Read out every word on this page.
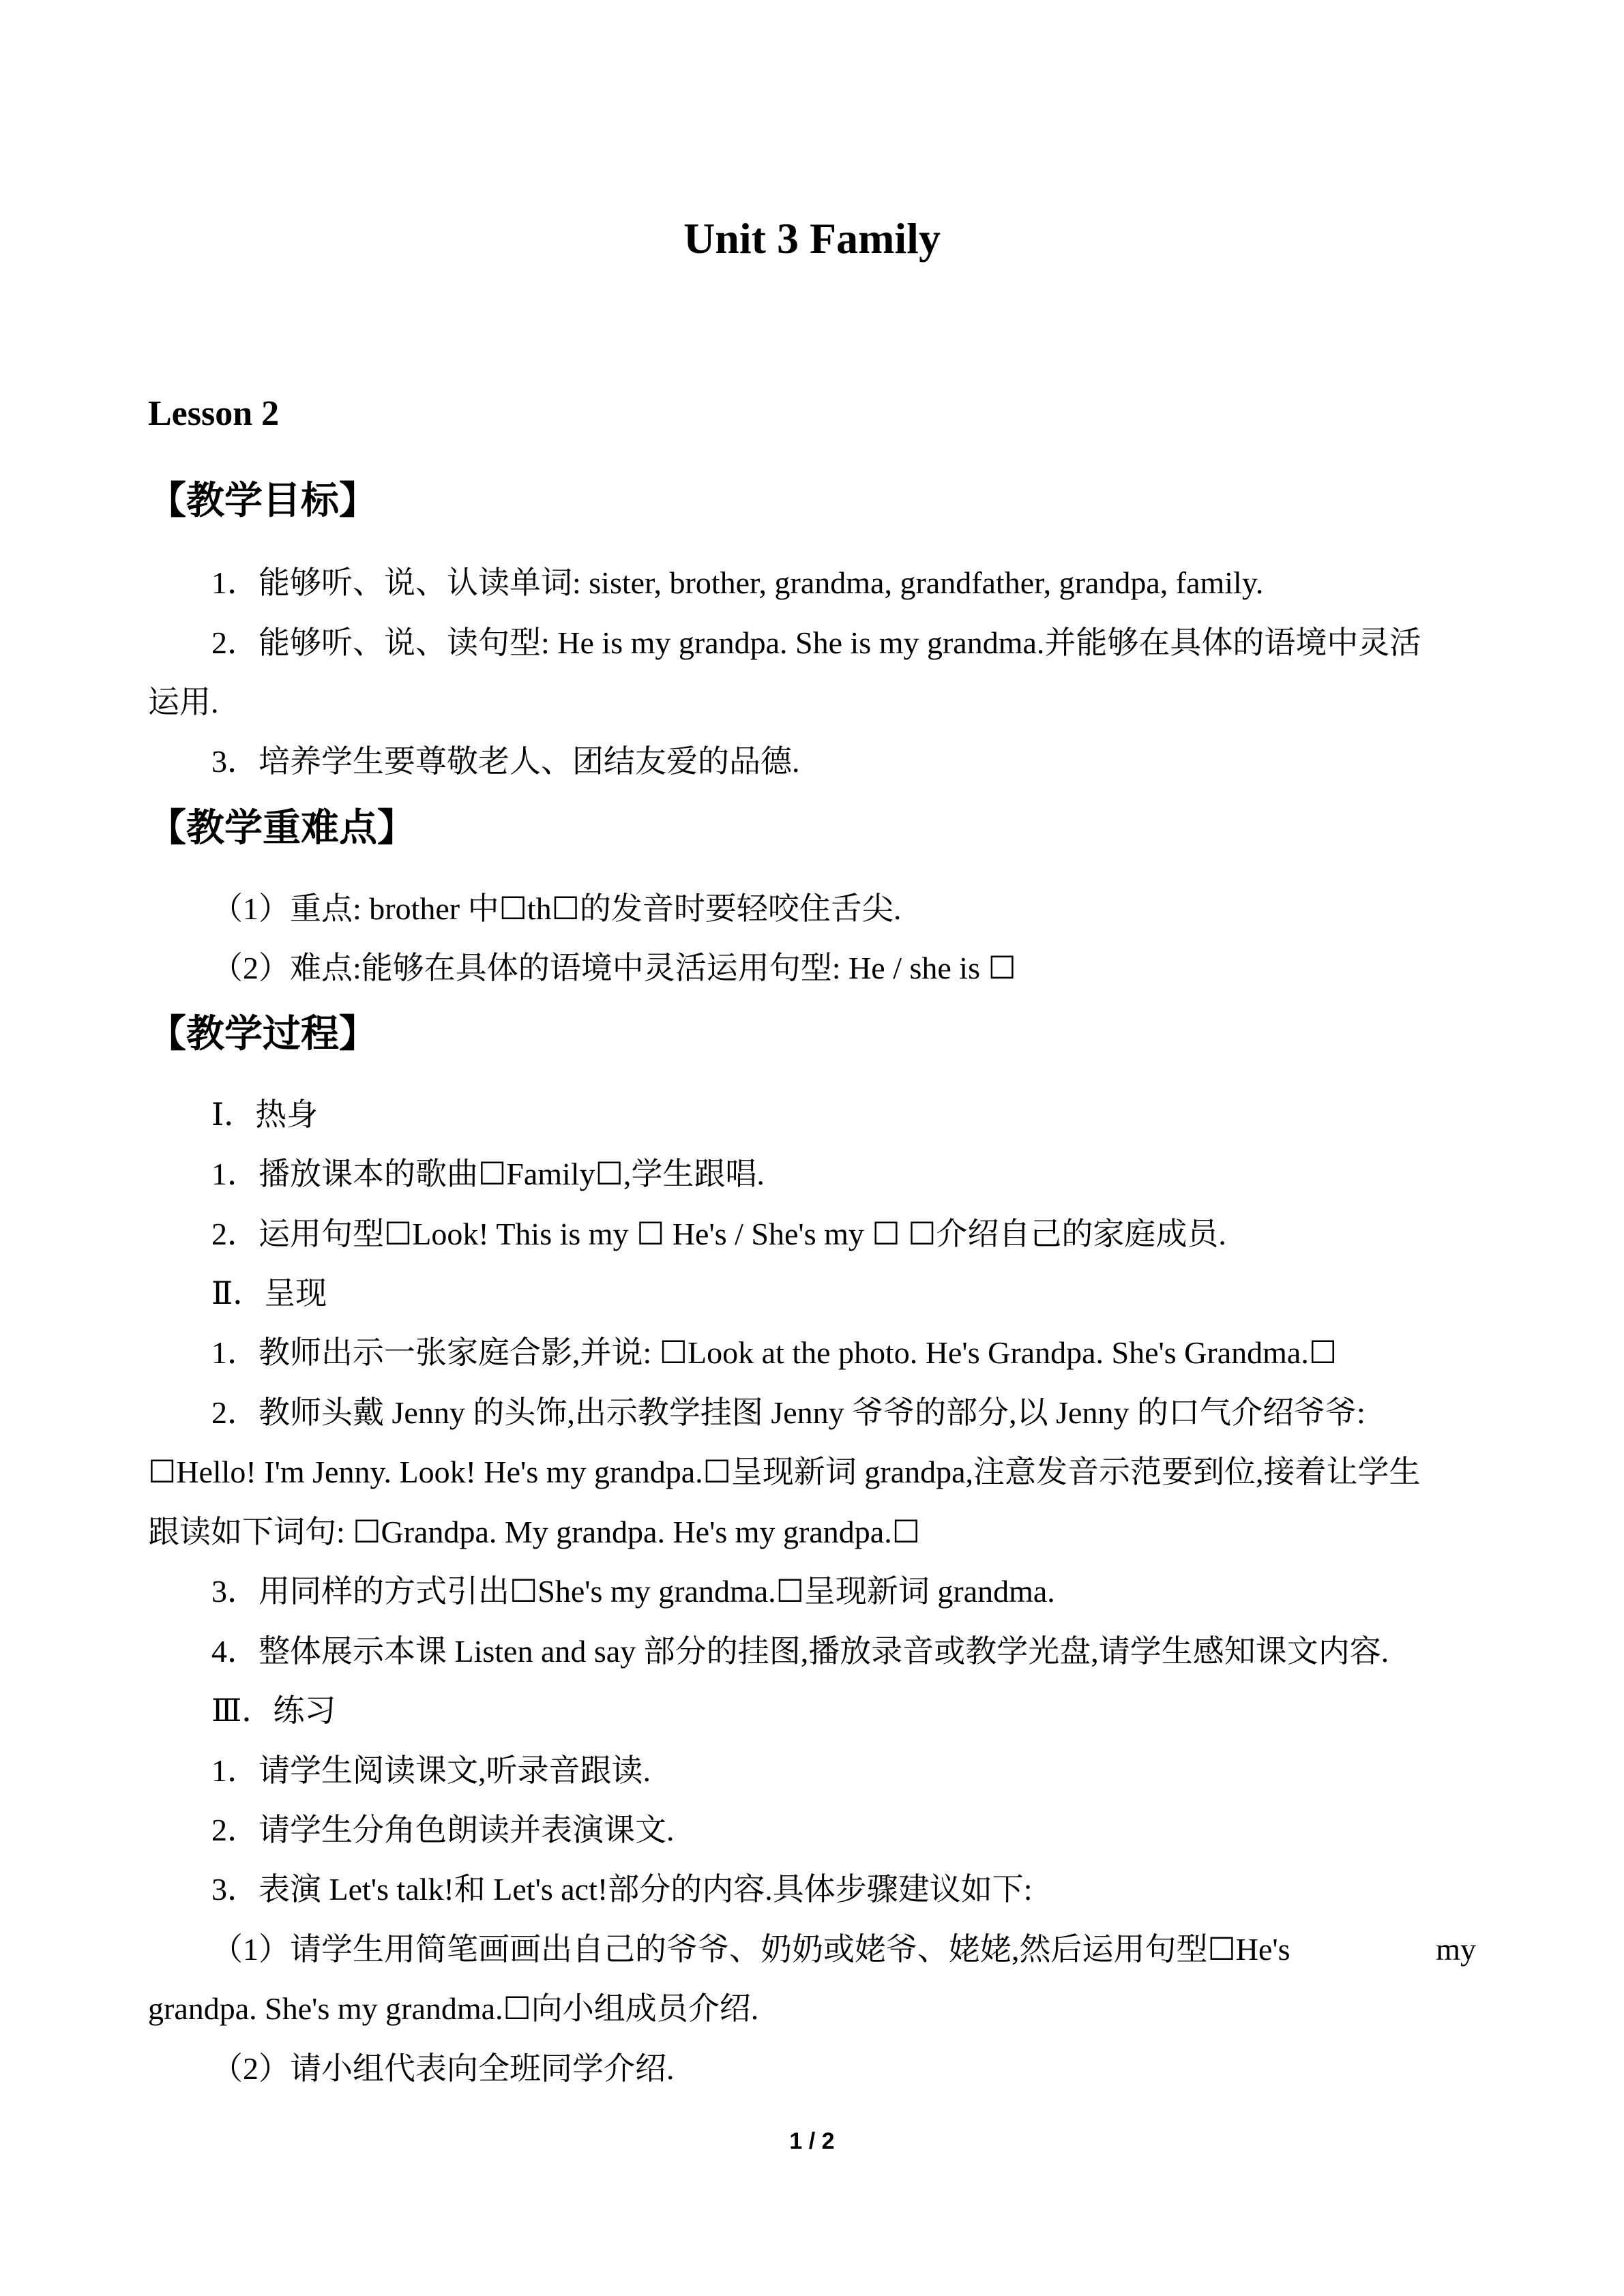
Unit 3 Family
Lesson 2
【教学目标】
1．能够听、说、认读单词: sister, brother, grandma, grandfather, grandpa, family.
2．能够听、说、读句型: He is my grandpa. She is my grandma.并能够在具体的语境中灵活
运用.
3．培养学生要尊敬老人、团结友爱的品德.
【教学重难点】
（1）重点: brother 中☐th☐的发音时要轻咬住舌尖.
（2）难点:能够在具体的语境中灵活运用句型: He / she is ☐
【教学过程】
Ⅰ．热身
1．播放课本的歌曲☐Family☐,学生跟唱.
2．运用句型☐Look! This is my ☐ He's / She's my ☐ ☐介绍自己的家庭成员.
Ⅱ．呈现
1．教师出示一张家庭合影,并说: ☐Look at the photo. He's Grandpa. She's Grandma.☐
2．教师头戴 Jenny 的头饰,出示教学挂图 Jenny 爷爷的部分,以 Jenny 的口气介绍爷爷:
☐Hello! I'm Jenny. Look! He's my grandpa.☐呈现新词 grandpa,注意发音示范要到位,接着让学生
跟读如下词句: ☐Grandpa. My grandpa. He's my grandpa.☐
3．用同样的方式引出☐She's my grandma.☐呈现新词 grandma.
4．整体展示本课 Listen and say 部分的挂图,播放录音或教学光盘,请学生感知课文内容.
Ⅲ．练习
1．请学生阅读课文,听录音跟读.
2．请学生分角色朗读并表演课文.
3．表演 Let's talk!和 Let's act!部分的内容.具体步骤建议如下:
（1）请学生用简笔画画出自己的爷爷、奶奶或姥爷、姥姥,然后运用句型☐He's	my
grandpa. She's my grandma.☐向小组成员介绍.
（2）请小组代表向全班同学介绍.
1 / 2
